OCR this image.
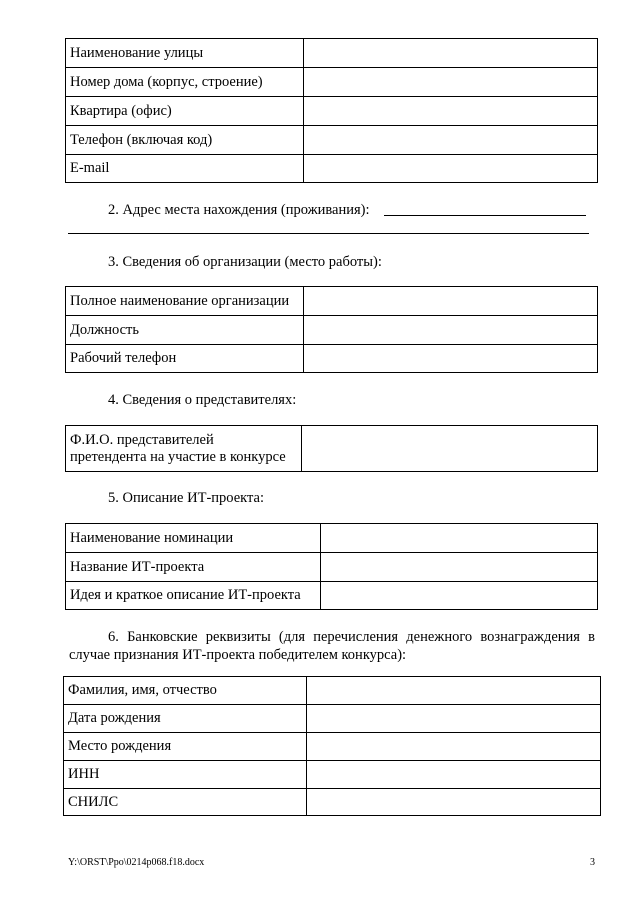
Наименование улицы	
Номер дома (корпус, строение)	
Квартира (офис)	
Телефон (включая код)	
E-mail	
2. Адрес места нахождения (проживания):
3. Сведения об организации (место работы):
Полное наименование организации	
Должность	
Рабочий телефон	
4. Сведения о представителях:
Ф.И.О. представителей
претендента на участие в конкурсе

5. Описание ИТ-проекта:
Наименование номинации	
Название ИТ-проекта	
Идея и краткое описание ИТ-проекта	
6. Банковские реквизиты (для перечисления денежного вознаграждения в случае признания ИТ-проекта победителем конкурса):
Фамилия, имя, отчество	
Дата рождения	
Место рождения	
ИНН	
СНИЛС	
Y:\ORST\Ppo\0214p068.f18.docx	3
